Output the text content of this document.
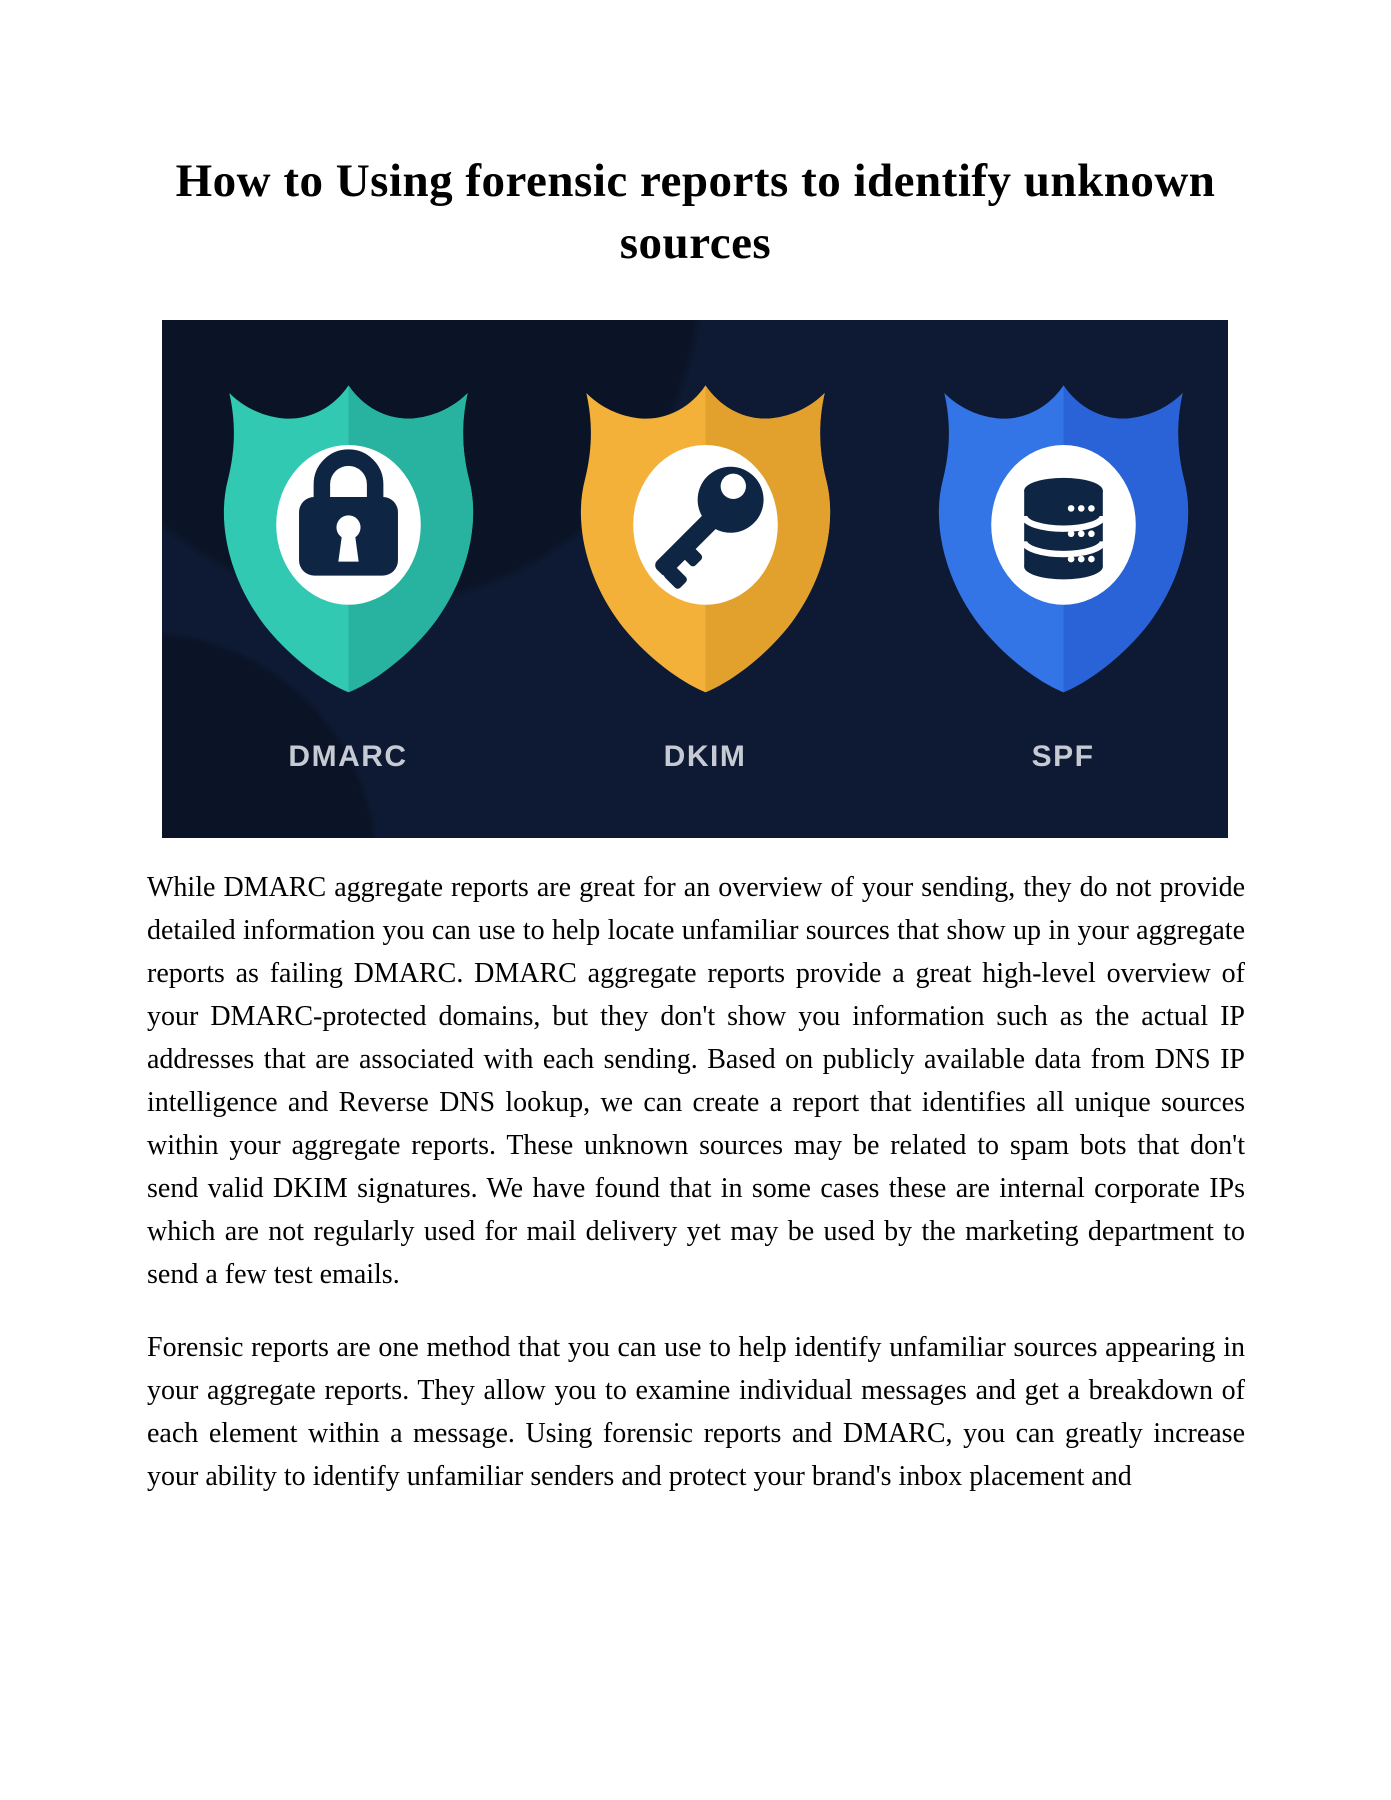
How to Using forensic reports to identify unknown sources
DMARC	DKIM	SPF

While DMARC aggregate reports are great for an overview of your sending, they do not provide detailed information you can use to help locate unfamiliar sources that show up in your aggregate reports as failing DMARC. DMARC aggregate reports provide a great high-level overview of your DMARC-protected domains, but they don't show you information such as the actual IP addresses that are associated with each sending. Based on publicly available data from DNS IP intelligence and Reverse DNS lookup, we can create a report that identifies all unique sources within your aggregate reports. These unknown sources may be related to spam bots that don't send valid DKIM signatures. We have found that in some cases these are internal corporate IPs which are not regularly used for mail delivery yet may be used by the marketing department to send a few test emails.

Forensic reports are one method that you can use to help identify unfamiliar sources appearing in your aggregate reports. They allow you to examine individual messages and get a breakdown of each element within a message. Using forensic reports and DMARC, you can greatly increase your ability to identify unfamiliar senders and protect your brand's inbox placement and
